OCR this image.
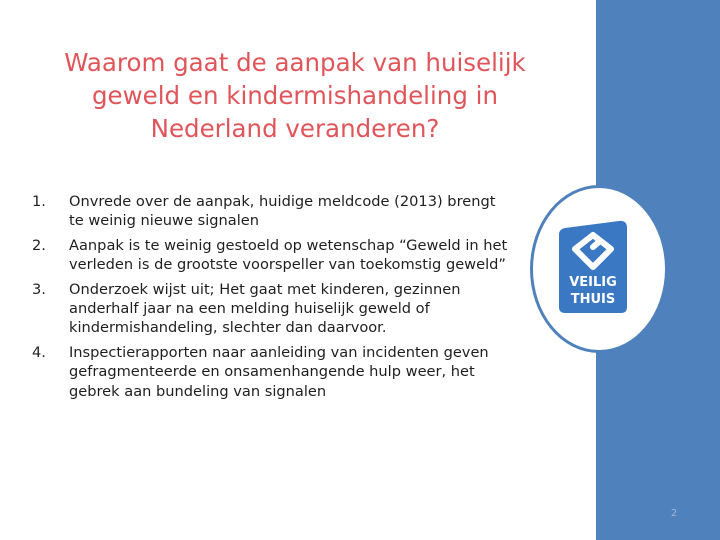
Waarom gaat de aanpak van huiselijk geweld en kindermishandeling in Nederland veranderen?
1. Onvrede over de aanpak, huidige meldcode (2013) brengt te weinig nieuwe signalen
2. Aanpak is te weinig gestoeld op wetenschap “Geweld in het verleden is de grootste voorspeller van toekomstig geweld”
3. Onderzoek wijst uit; Het gaat met kinderen, gezinnen anderhalf jaar na een melding huiselijk geweld of kindermishandeling, slechter dan daarvoor.
4. Inspectierapporten naar aanleiding van incidenten geven gefragmenteerde en onsamenhangende hulp weer, het gebrek aan bundeling van signalen
VEILIG
THUIS
2
